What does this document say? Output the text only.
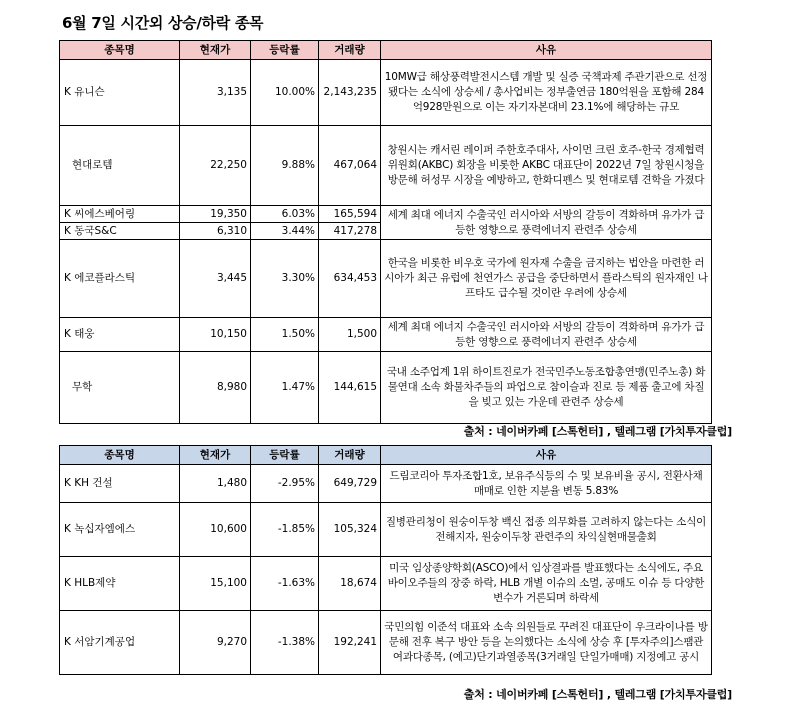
6월 7일 시간외 상승/하락 종목
종목명	현재가	등락률	거래량	사유
K 유니슨	3,135	10.00%	2,143,235	10MW급 해상풍력발전시스템 개발 및 실증 국책과제 주관기관으로 선정됐다는 소식에 상승세 / 총사업비는 정부출연금 180억원을 포함해 284억928만원으로 이는 자기자본대비 23.1%에 해당하는 규모
현대로템	22,250	9.88%	467,064	창원시는 캐서린 레이퍼 주한호주대사, 사이먼 크린 호주-한국 경제협력위원회(AKBC) 회장을 비롯한 AKBC 대표단이 2022년 7일 창원시청을 방문해 허성무 시장을 예방하고, 한화디펜스 및 현대로템 견학을 가졌다
K 씨에스베어링	19,350	6.03%	165,594	세계 최대 에너지 수출국인 러시아와 서방의 갈등이 격화하며 유가가 급등한 영향으로 풍력에너지 관련주 상승세
K 동국S&C	6,310	3.44%	417,278	
K 에코플라스틱	3,445	3.30%	634,453	한국을 비롯한 비우호 국가에 원자재 수출을 금지하는 법안을 마련한 러시아가 최근 유럽에 천연가스 공급을 중단하면서 플라스틱의 원자재인 나프타도 급수될 것이란 우려에 상승세
K 태웅	10,150	1.50%	1,500	세계 최대 에너지 수출국인 러시아와 서방의 갈등이 격화하며 유가가 급등한 영향으로 풍력에너지 관련주 상승세
무학	8,980	1.47%	144,615	국내 소주업계 1위 하이트진로가 전국민주노동조합총연맹(민주노총) 화물연대 소속 화물차주들의 파업으로 참이슬과 진로 등 제품 출고에 차질을 빚고 있는 가운데 관련주 상승세
출처 : 네이버카페 [스톡헌터] , 텔레그램 [가치투자클럽]
종목명	현재가	등락률	거래량	사유
K KH 건설	1,480	-2.95%	649,729	드림코리아 투자조합1호, 보유주식등의 수 및 보유비율 공시, 전환사채 매매로 인한 지분율 변동 5.83%
K 녹십자엠에스	10,600	-1.85%	105,324	질병관리청이 원숭이두창 백신 접종 의무화를 고려하지 않는다는 소식이 전해지자, 원숭이두창 관련주의 차익실현매물출회
K HLB제약	15,100	-1.63%	18,674	미국 임상종양학회(ASCO)에서 임상결과를 발표했다는 소식에도, 주요 바이오주들의 장중 하락, HLB 개별 이슈의 소멸, 공매도 이슈 등 다양한 변수가 거론되며 하락세
K 서암기계공업	9,270	-1.38%	192,241	국민의힘 이준석 대표와 소속 의원들로 꾸려진 대표단이 우크라이나를 방문해 전후 복구 방안 등을 논의했다는 소식에 상승 후 [투자주의]스팸관여과다종목, (예고)단기과열종목(3거래일 단일가매매) 지정예고 공시
출처 : 네이버카페 [스톡헌터] , 텔레그램 [가치투자클럽]
